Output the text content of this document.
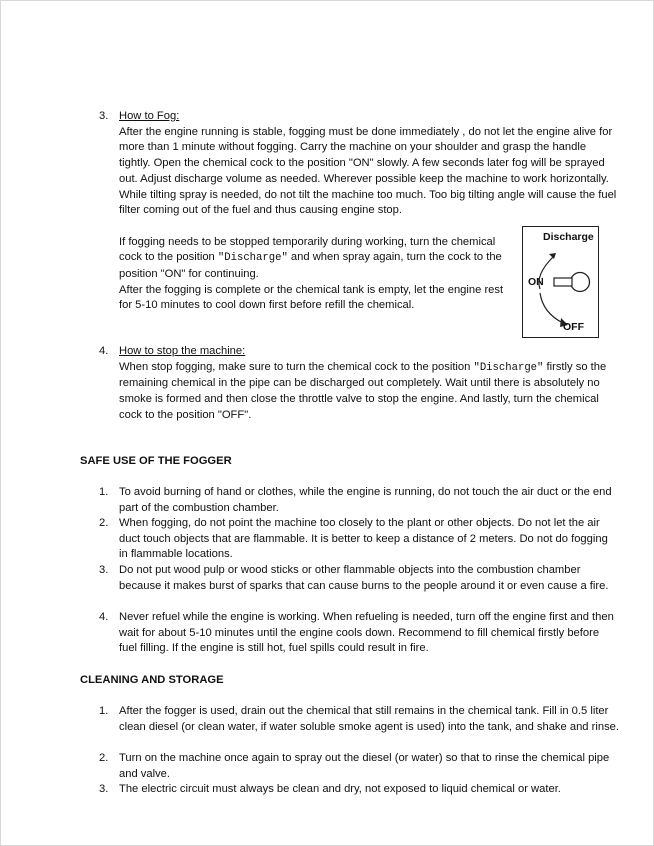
3. How to Fog:

After the engine running is stable, fogging must be done immediately , do not let the engine alive for more than 1 minute without fogging. Carry the machine on your shoulder and grasp the handle tightly. Open the chemical cock to the position "ON" slowly. A few seconds later fog will be sprayed out. Adjust discharge volume as needed. Wherever possible keep the machine to work horizontally. While tilting spray is needed, do not tilt the machine too much. Too big tilting angle will cause the fuel filter coming out of the fuel and thus causing engine stop.

If fogging needs to be stopped temporarily during working, turn the chemical cock to the position "Discharge" and when spray again, turn the cock to the position "ON" for continuing.

After the fogging is complete or the chemical tank is empty, let the engine rest for 5-10 minutes to cool down first before refill the chemical.

Discharge
ON
OFF
4. How to stop the machine:

When stop fogging, make sure to turn the chemical cock to the position "Discharge" firstly so the remaining chemical in the pipe can be discharged out completely. Wait until there is absolutely no smoke is formed and then close the throttle valve to stop the engine. And lastly, turn the chemical cock to the position "OFF".

SAFE USE OF THE FOGGER
1. To avoid burning of hand or clothes, while the engine is running, do not touch the air duct or the end part of the combustion chamber.

2. When fogging, do not point the machine too closely to the plant or other objects. Do not let the air duct touch objects that are flammable. It is better to keep a distance of 2 meters. Do not do fogging in flammable locations.

3. Do not put wood pulp or wood sticks or other flammable objects into the combustion chamber because it makes burst of sparks that can cause burns to the people around it or even cause a fire.

4. Never refuel while the engine is working. When refueling is needed, turn off the engine first and then wait for about 5-10 minutes until the engine cools down. Recommend to fill chemical firstly before fuel filling. If the engine is still hot, fuel spills could result in fire.

CLEANING AND STORAGE
1. After the fogger is used, drain out the chemical that still remains in the chemical tank. Fill in 0.5 liter clean diesel (or clean water, if water soluble smoke agent is used) into the tank, and shake and rinse.

2. Turn on the machine once again to spray out the diesel (or water) so that to rinse the chemical pipe and valve.

3. The electric circuit must always be clean and dry, not exposed to liquid chemical or water.
